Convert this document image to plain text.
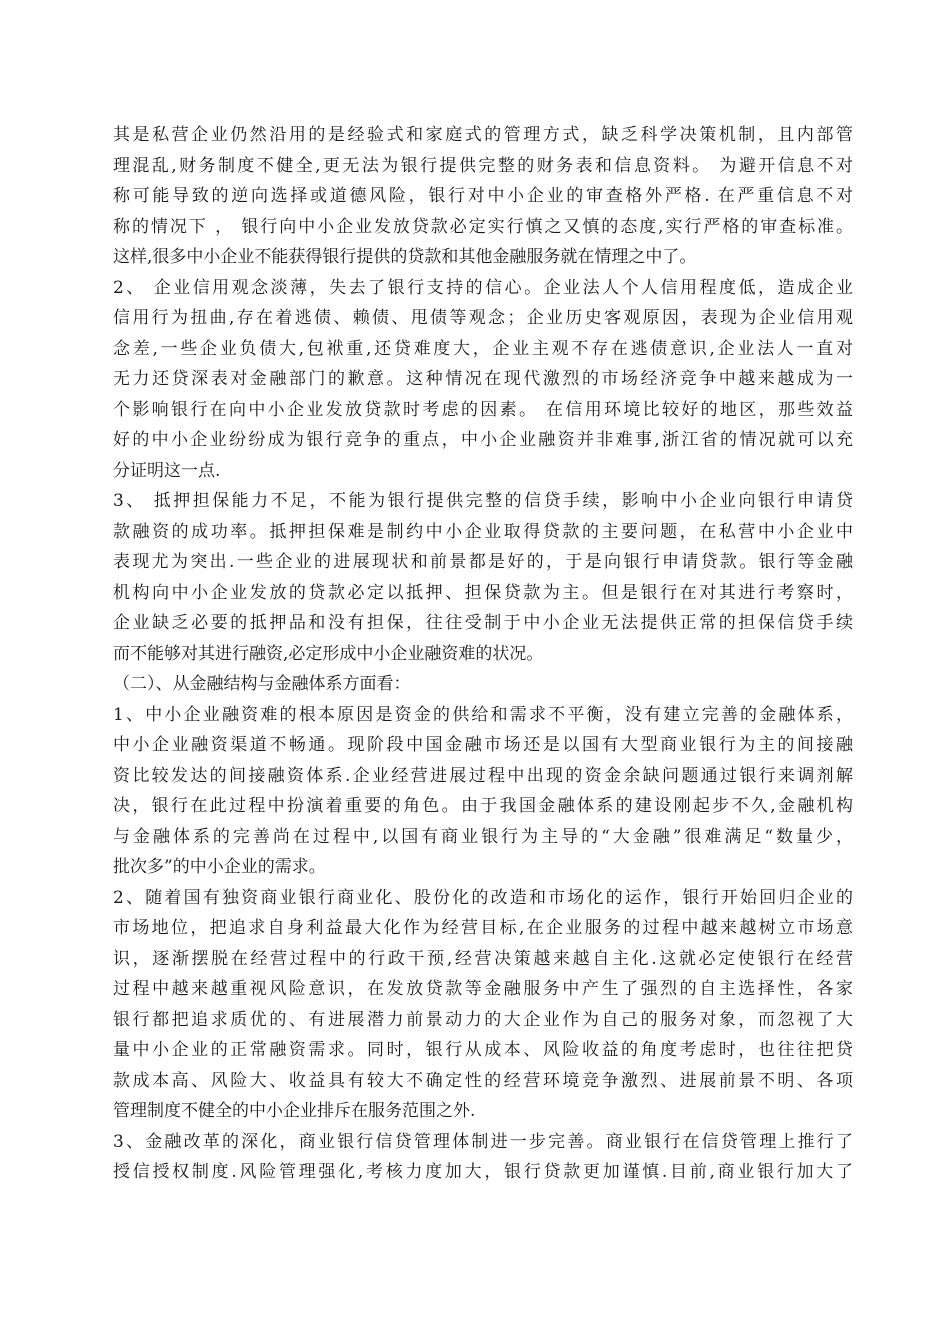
其是私营企业仍然沿用的是经验式和家庭式的管理方式，缺乏科学决策机制，且内部管
理混乱,财务制度不健全,更无法为银行提供完整的财务表和信息资料。 为避开信息不对
称可能导致的逆向选择或道德风险，银行对中小企业的审查格外严格. 在严重信息不对
称的情况下 ， 银行向中小企业发放贷款必定实行慎之又慎的态度,实行严格的审查标准。
这样,很多中小企业不能获得银行提供的贷款和其他金融服务就在情理之中了。
2、 企业信用观念淡薄，失去了银行支持的信心。企业法人个人信用程度低，造成企业
信用行为扭曲,存在着逃债、赖债、甩债等观念；企业历史客观原因，表现为企业信用观
念差,一些企业负债大,包袱重,还贷难度大，企业主观不存在逃债意识,企业法人一直对
无力还贷深表对金融部门的歉意。这种情况在现代激烈的市场经济竞争中越来越成为一
个影响银行在向中小企业发放贷款时考虑的因素。 在信用环境比较好的地区，那些效益
好的中小企业纷纷成为银行竞争的重点，中小企业融资并非难事,浙江省的情况就可以充
分证明这一点.
3、 抵押担保能力不足，不能为银行提供完整的信贷手续，影响中小企业向银行申请贷
款融资的成功率。抵押担保难是制约中小企业取得贷款的主要问题，在私营中小企业中
表现尤为突出.一些企业的进展现状和前景都是好的，于是向银行申请贷款。银行等金融
机构向中小企业发放的贷款必定以抵押、担保贷款为主。但是银行在对其进行考察时，
企业缺乏必要的抵押品和没有担保，往往受制于中小企业无法提供正常的担保信贷手续
而不能够对其进行融资,必定形成中小企业融资难的状况。
（二）、从金融结构与金融体系方面看：
1、中小企业融资难的根本原因是资金的供给和需求不平衡，没有建立完善的金融体系，
中小企业融资渠道不畅通。现阶段中国金融市场还是以国有大型商业银行为主的间接融
资比较发达的间接融资体系.企业经营进展过程中出现的资金余缺问题通过银行来调剂解
决，银行在此过程中扮演着重要的角色。由于我国金融体系的建设刚起步不久,金融机构
与金融体系的完善尚在过程中,以国有商业银行为主导的“大金融”很难满足“数量少，
批次多”的中小企业的需求。
2、随着国有独资商业银行商业化、股份化的改造和市场化的运作，银行开始回归企业的
市场地位，把追求自身利益最大化作为经营目标,在企业服务的过程中越来越树立市场意
识，逐渐摆脱在经营过程中的行政干预,经营决策越来越自主化.这就必定使银行在经营
过程中越来越重视风险意识，在发放贷款等金融服务中产生了强烈的自主选择性，各家
银行都把追求质优的、有进展潜力前景动力的大企业作为自己的服务对象，而忽视了大
量中小企业的正常融资需求。同时，银行从成本、风险收益的角度考虑时，也往往把贷
款成本高、风险大、收益具有较大不确定性的经营环境竞争激烈、进展前景不明、各项
管理制度不健全的中小企业排斥在服务范围之外.
3、金融改革的深化，商业银行信贷管理体制进一步完善。商业银行在信贷管理上推行了
授信授权制度.风险管理强化,考核力度加大，银行贷款更加谨慎.目前,商业银行加大了
